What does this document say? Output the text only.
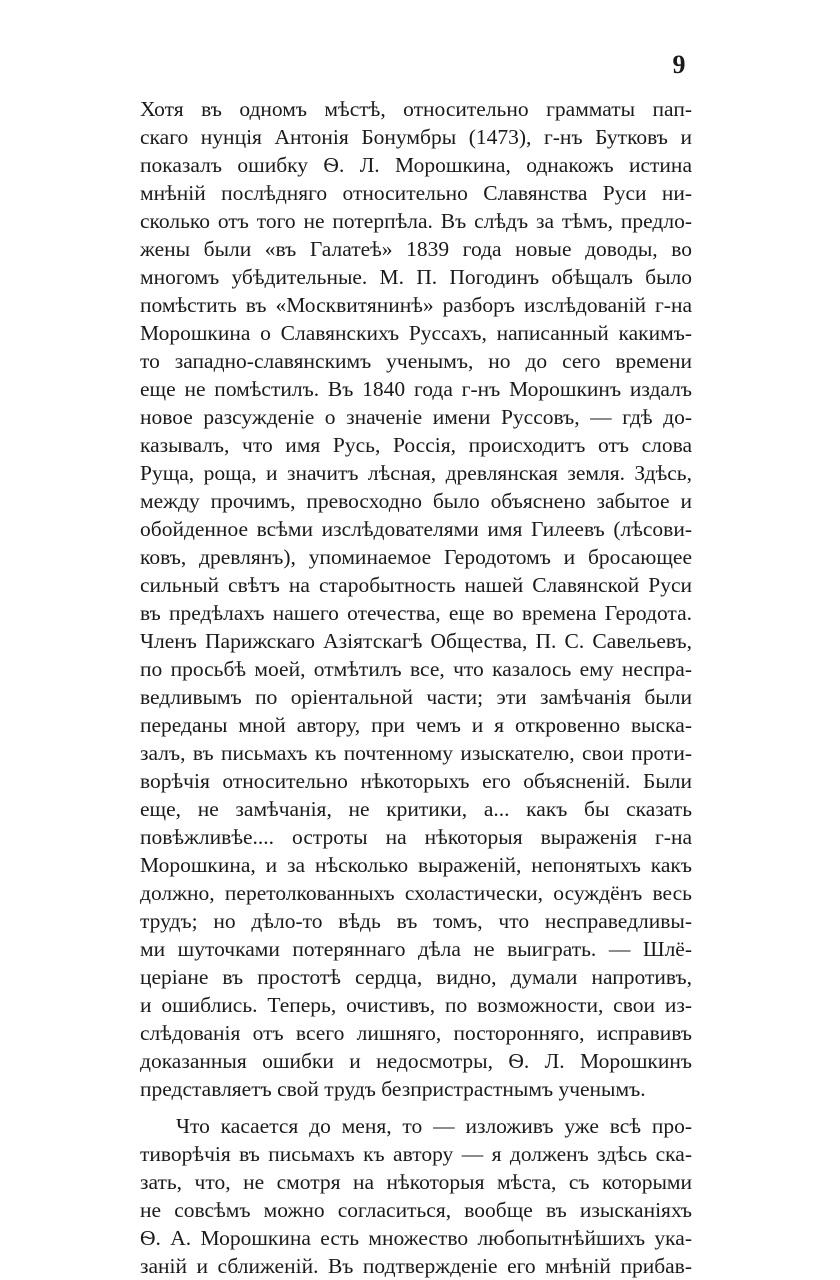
9
Хотя въ одномъ мѣстѣ, относительно грамматы пап-
скаго нунція Антонія Бонумбры (1473), г-нъ Бутковъ и
показалъ ошибку Ѳ. Л. Морошкина, однакожъ истина
мнѣній послѣдняго относительно Славянства Руси ни-
сколько отъ того не потерпѣла. Въ слѣдъ за тѣмъ, предло-
жены были «въ Галатеѣ» 1839 года новые доводы, во
многомъ убѣдительные. М. П. Погодинъ обѣщалъ было
помѣстить въ «Москвитянинѣ» разборъ изслѣдованій г-на
Морошкина о Славянскихъ Руссахъ, написанный какимъ-
то западно-славянскимъ ученымъ, но до сего времени
еще не помѣстилъ. Въ 1840 года г-нъ Морошкинъ издалъ
новое разсужденіе о значеніе имени Руссовъ, — гдѣ до-
казывалъ, что имя Русь, Россія, происходитъ отъ слова
Руща, роща, и значитъ лѣсная, древлянская земля. Здѣсь,
между прочимъ, превосходно было объяснено забытое и
обойденное всѣми изслѣдователями имя Гилеевъ (лѣсови-
ковъ, древлянъ), упоминаемое Геродотомъ и бросающее
сильный свѣтъ на старобытность нашей Славянской Руси
въ предѣлахъ нашего отечества, еще во времена Геродота.
Членъ Парижскаго Азіятскагѣ Общества, П. С. Савельевъ,
по просьбѣ моей, отмѣтилъ все, что казалось ему неспра-
ведливымъ по оріентальной части; эти замѣчанія были
переданы мной автору, при чемъ и я откровенно выска-
залъ, въ письмахъ къ почтенному изыскателю, свои проти-
ворѣчія относительно нѣкоторыхъ его объясненій. Были
еще, не замѣчанія, не критики, а... какъ бы сказать
повѣжливѣе.... остроты на нѣкоторыя выраженія г-на
Морошкина, и за нѣсколько выраженій, непонятыхъ какъ
должно, перетолкованныхъ схоластически, осуждёнъ весь
трудъ; но дѣло-то вѣдь въ томъ, что несправедливы-
ми шуточками потеряннаго дѣла не выиграть. — Шлё-
церіане въ простотѣ сердца, видно, думали напротивъ,
и ошиблись. Теперь, очистивъ, по возможности, свои из-
слѣдованія отъ всего лишняго, посторонняго, исправивъ
доказанныя ошибки и недосмотры, Ѳ. Л. Морошкинъ
представляетъ свой трудъ безпристрастнымъ ученымъ.
Что касается до меня, то — изложивъ уже всѣ про-
тиворѣчія въ письмахъ къ автору — я долженъ здѣсь ска-
зать, что, не смотря на нѣкоторыя мѣста, съ которыми
не совсѣмъ можно согласиться, вообще въ изысканіяхъ
Ѳ. А. Морошкина есть множество любопытнѣйшихъ ука-
заній и сближеній. Въ подтвержденіе его мнѣній прибав-
